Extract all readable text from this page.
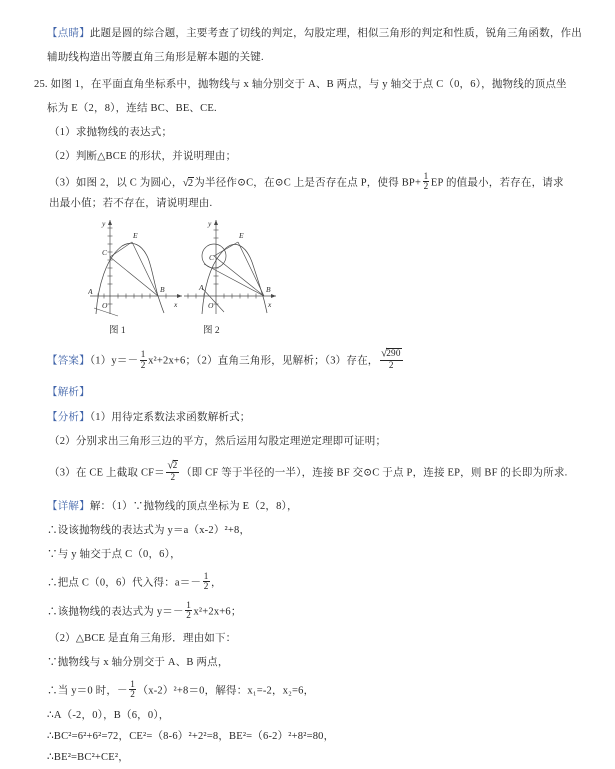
【点睛】此题是圆的综合题，主要考查了切线的判定，勾股定理，相似三角形的判定和性质，锐角三角函数，作出
辅助线构造出等腰直角三角形是解本题的关键.
25. 如图 1，在平面直角坐标系中，抛物线与 x 轴分别交于 A、B 两点，与 y 轴交于点 C（0，6），抛物线的顶点坐
标为 E（2，8），连结 BC、BE、CE.
（1）求抛物线的表达式；
（2）判断△BCE 的形状，并说明理由；
（3）如图 2，以 C 为圆心，√2为半径作⊙C，在⊙C 上是否存在点 P，使得 $BP+ \frac{1}{2}$ EP 的值最小，若存在，请求
出最小值；若不存在，请说明理由.
C
E
B
A
O
y
x
C
E
B
A
O
y
x
图 1	图 2
【答案】$(1)y=- \frac{1}{2} x^2+2x+6$；（2）直角三角形，见解析；（3）存在， $\frac{√290}{2}$
【解析】
【分析】（1）用待定系数法求函数解析式；
（2）分别求出三角形三边的平方，然后运用勾股定理逆定理即可证明；
（3）在 CE 上截取 $CF= \frac{√2}{2}$ （即 CF 等于半径的一半），连接 BF 交⊙C 于点 P，连接 EP，则 BF 的长即为所求.
【详解】解：（1）∵抛物线的顶点坐标为 E（2，8），
∴设该抛物线的表达式为 y＝a（x-2）²+8，
∵与 y 轴交于点 C（0，6），
∴把点 C（0，6）代入得：$a=- \frac{1}{2}$ ，
∴该抛物线的表达式为 $y=- \frac{1}{2} x^2+2x+6$；
（2）△BCE 是直角三角形．理由如下：
∵抛物线与 x 轴分别交于 A、B 两点，
∴当 y＝0 时，－ $\frac{1}{2} (x-2)^2+8=0$，解得：x₁=-2，x₂=6，
∴A（-2，0），B（6，0），
∴BC²=6²+6²=72，CE²=（8-6）²+2²=8，BE²=（6-2）²+8²=80，
∴BE²=BC²+CE²，
